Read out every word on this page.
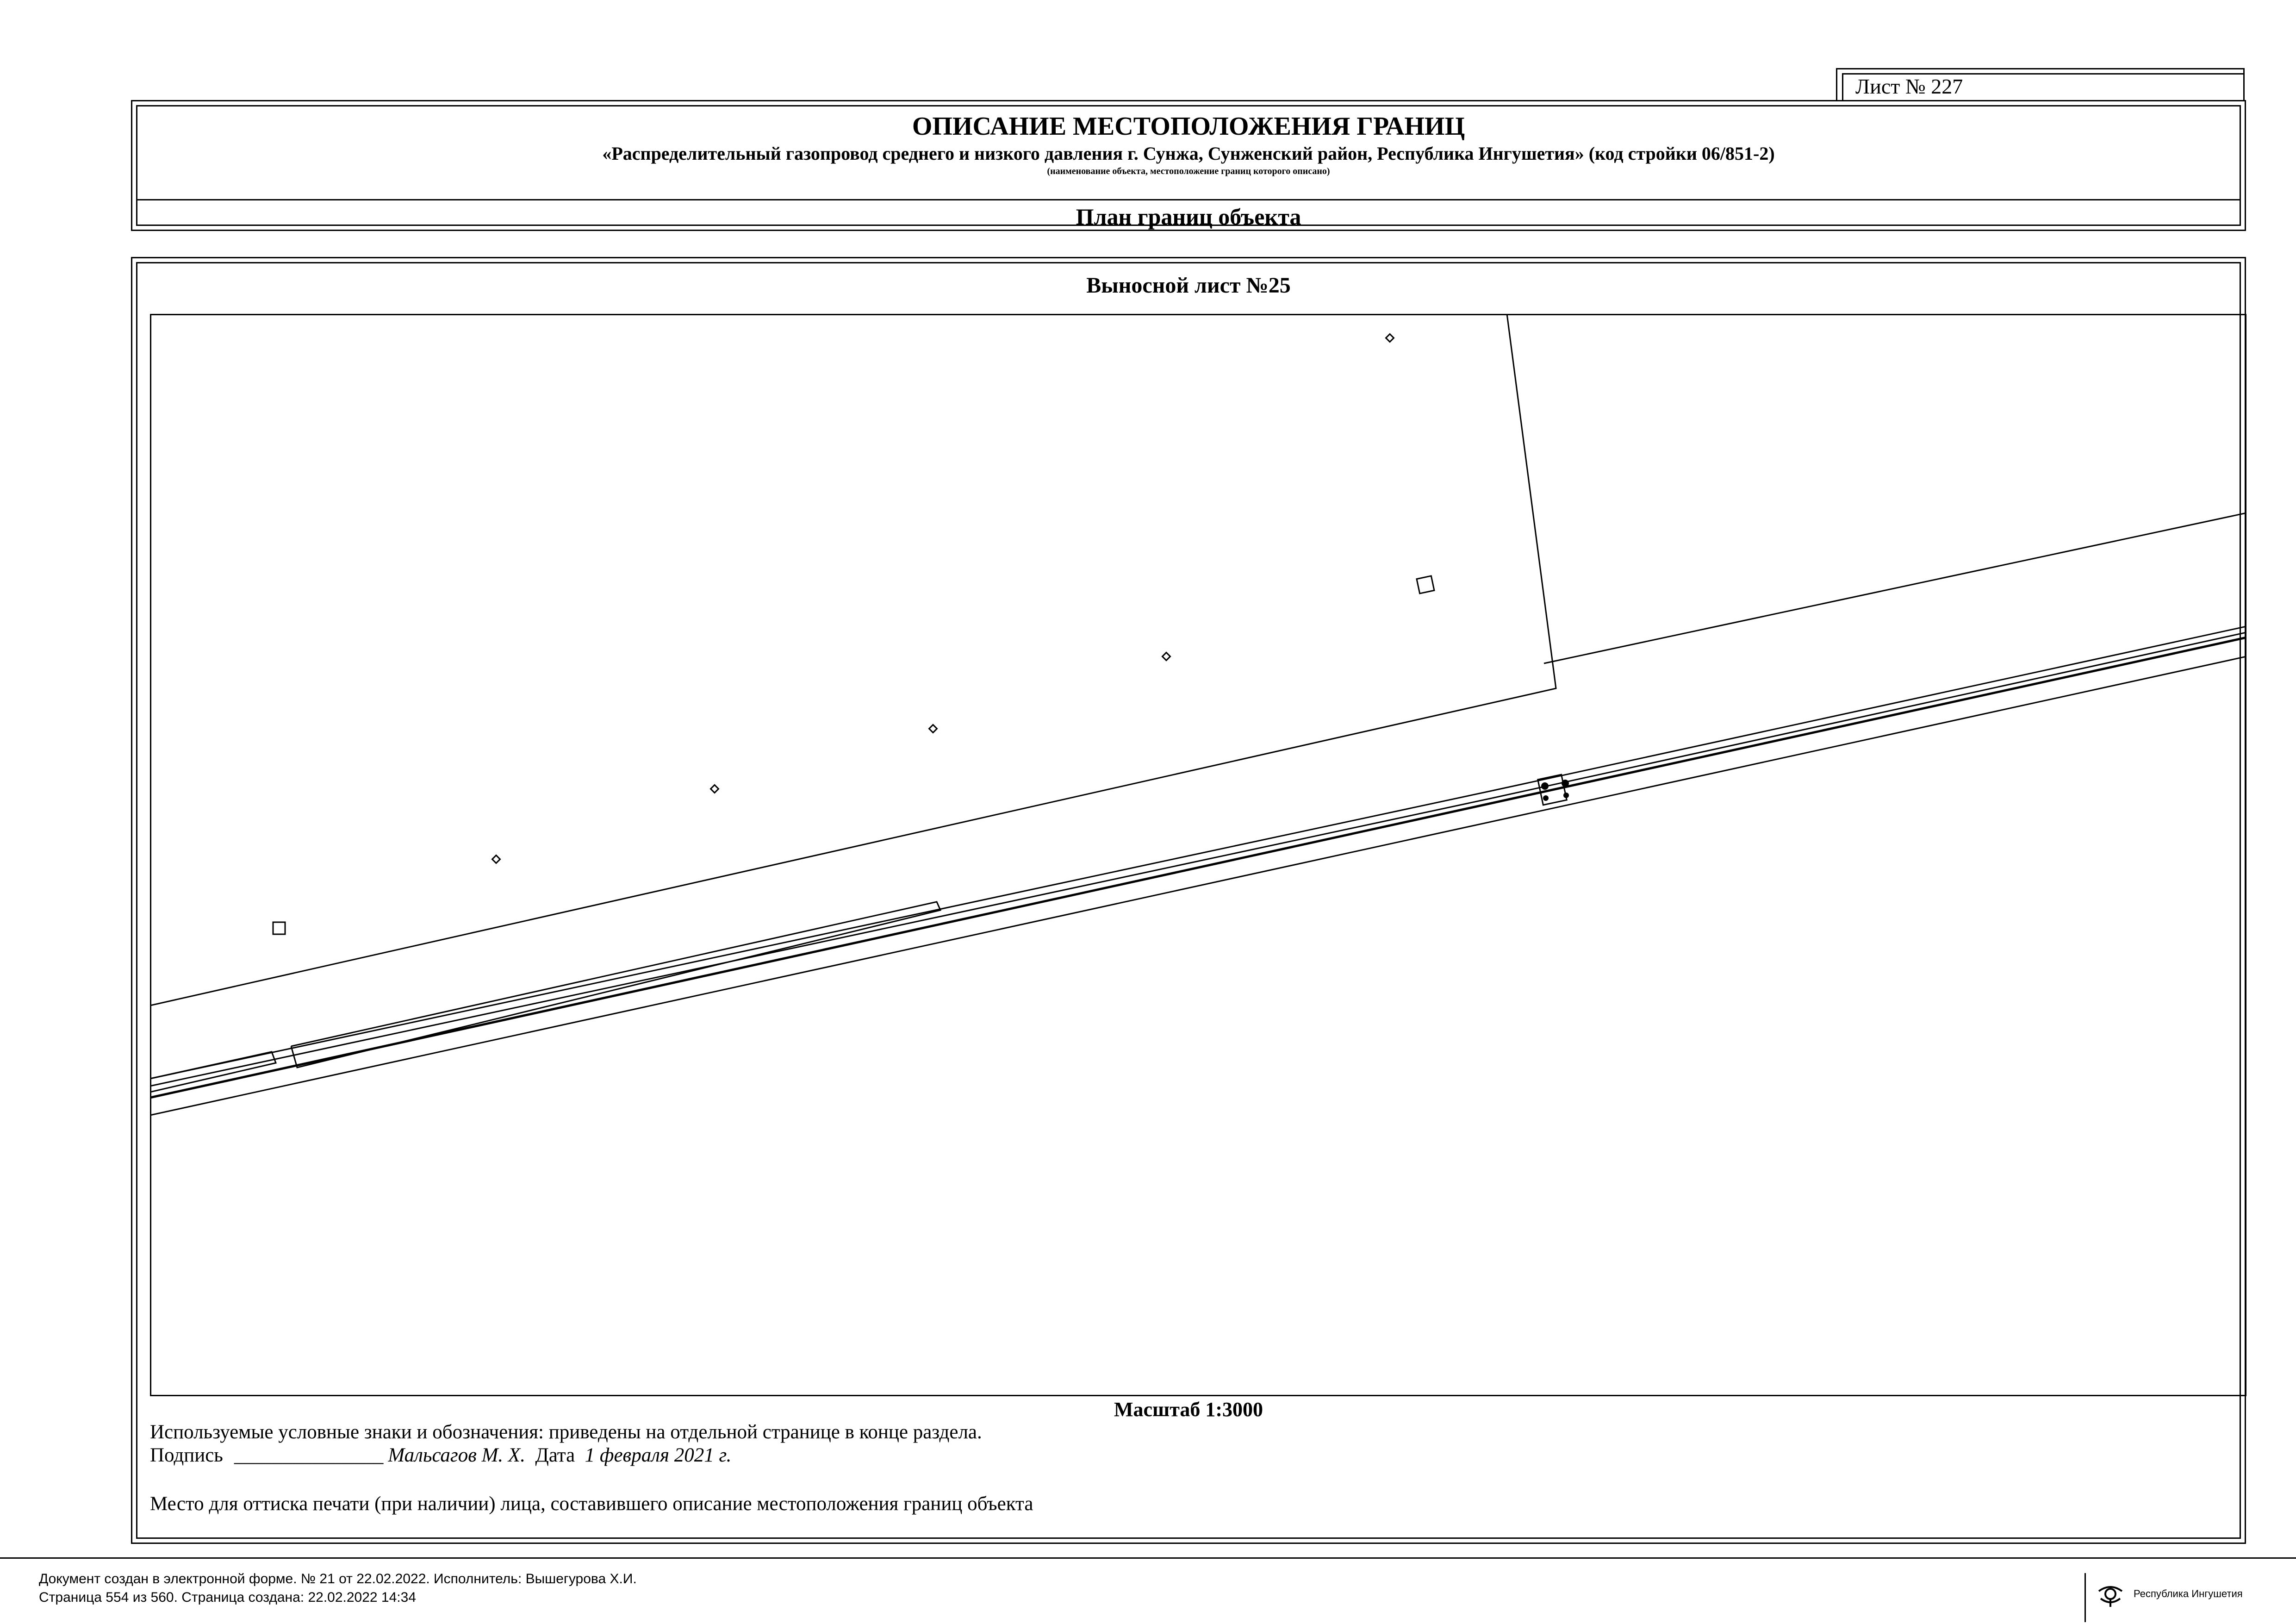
Лист № 227
ОПИСАНИЕ МЕСТОПОЛОЖЕНИЯ ГРАНИЦ
«Распределительный газопровод среднего и низкого давления г. Сунжа, Сунженский район, Республика Ингушетия» (код стройки 06/851-2)
(наименование объекта, местоположение границ которого описано)
План границ объекта
Выносной лист №25
Масштаб 1:3000
Используемые условные знаки и обозначения: приведены на отдельной странице в конце раздела.
Подпись _______________ Мальсагов М. Х. Дата 1 февраля 2021 г.
Место для оттиска печати (при наличии) лица, составившего описание местоположения границ объекта
Документ создан в электронной форме. № 21 от 22.02.2022. Исполнитель: Вышегурова Х.И.
Страница 554 из 560. Страница создана: 22.02.2022 14:34	Республика Ингушетия
